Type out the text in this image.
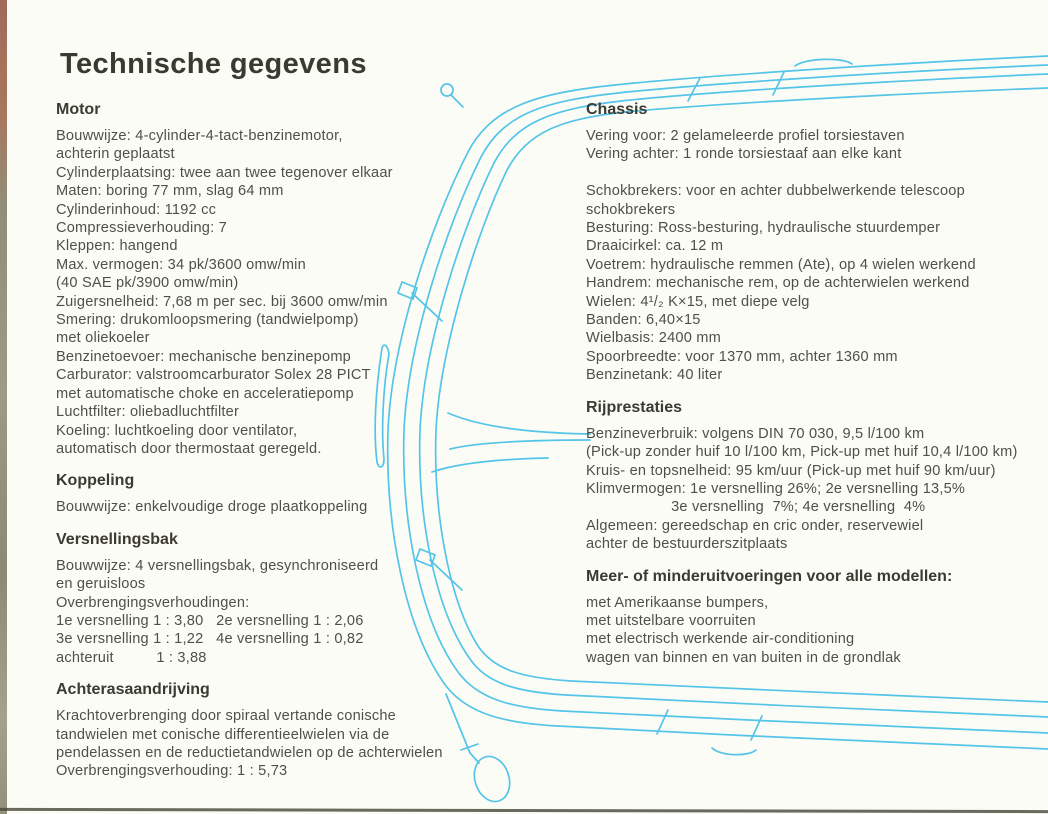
Technische gegevens
Motor
Bouwwijze: 4-cylinder-4-tact-benzinemotor,
achterin geplaatst
Cylinderplaatsing: twee aan twee tegenover elkaar
Maten: boring 77 mm, slag 64 mm
Cylinderinhoud: 1192 cc
Compressieverhouding: 7
Kleppen: hangend
Max. vermogen: 34 pk/3600 omw/min
(40 SAE pk/3900 omw/min)
Zuigersnelheid: 7,68 m per sec. bij 3600 omw/min
Smering: drukomloopsmering (tandwielpomp)
met oliekoeler
Benzinetoevoer: mechanische benzinepomp
Carburator: valstroomcarburator Solex 28 PICT
met automatische choke en acceleratiepomp
Luchtfilter: oliebadluchtfilter
Koeling: luchtkoeling door ventilator,
automatisch door thermostaat geregeld.
Koppeling
Bouwwijze: enkelvoudige droge plaatkoppeling
Versnellingsbak
Bouwwijze: 4 versnellingsbak, gesynchroniseerd
en geruisloos
Overbrengingsverhoudingen:
1e versnelling 1 : 3,80   2e versnelling 1 : 2,06
3e versnelling 1 : 1,22   4e versnelling 1 : 0,82
achteruit          1 : 3,88
Achterasaandrijving
Krachtoverbrenging door spiraal vertande conische
tandwielen met conische differentieelwielen via de
pendelassen en de reductietandwielen op de achterwielen
Overbrengingsverhouding: 1 : 5,73
Chassis
Vering voor: 2 gelameleerde profiel torsiestaven
Vering achter: 1 ronde torsiestaaf aan elke kant

Schokbrekers: voor en achter dubbelwerkende telescoop
schokbrekers
Besturing: Ross-besturing, hydraulische stuurdemper
Draaicirkel: ca. 12 m
Voetrem: hydraulische remmen (Ate), op 4 wielen werkend
Handrem: mechanische rem, op de achterwielen werkend
Wielen: 4¹/₂ K×15, met diepe velg
Banden: 6,40×15
Wielbasis: 2400 mm
Spoorbreedte: voor 1370 mm, achter 1360 mm
Benzinetank: 40 liter
Rijprestaties
Benzineverbruik: volgens DIN 70 030, 9,5 l/100 km
(Pick-up zonder huif 10 l/100 km, Pick-up met huif 10,4 l/100 km)
Kruis- en topsnelheid: 95 km/uur (Pick-up met huif 90 km/uur)
Klimvermogen: 1e versnelling 26%; 2e versnelling 13,5%
3e versnelling  7%; 4e versnelling  4%
Algemeen: gereedschap en cric onder, reservewiel
achter de bestuurderszitplaats
Meer- of minderuitvoeringen voor alle modellen:
met Amerikaanse bumpers,
met uitstelbare voorruiten
met electrisch werkende air-conditioning
wagen van binnen en van buiten in de grondlak
